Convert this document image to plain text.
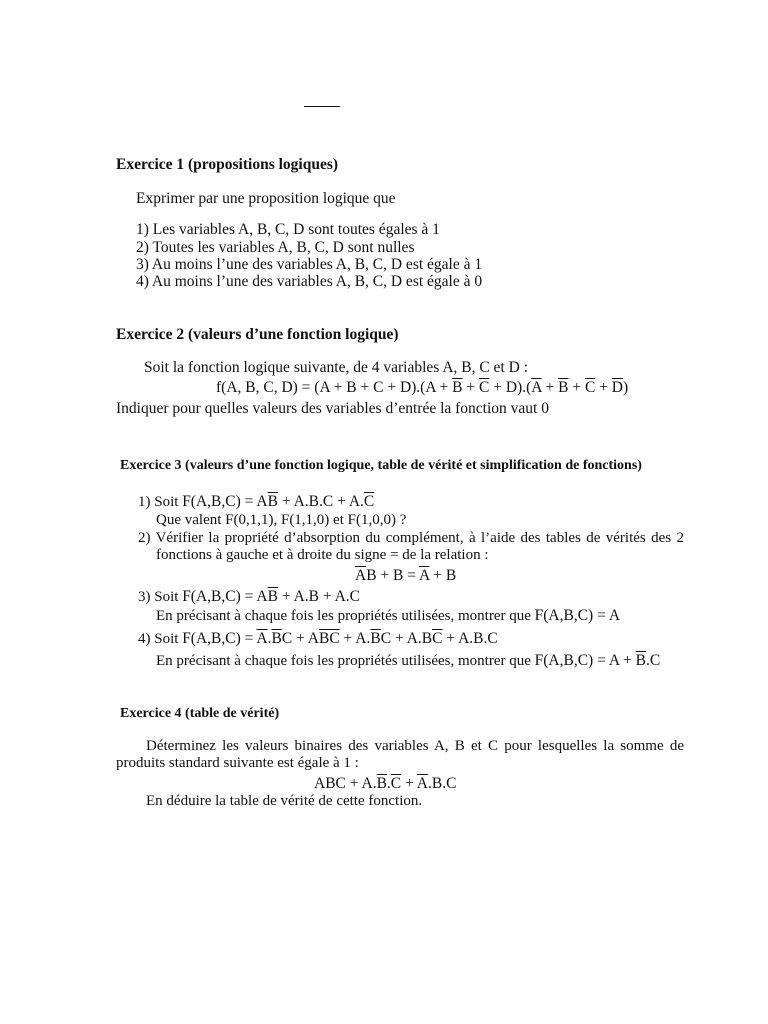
Exercice 1 (propositions logiques)
Exprimer par une proposition logique que
1) Les variables A, B, C, D sont toutes égales à 1
2) Toutes les variables A, B, C, D sont nulles
3) Au moins l’une des variables A, B, C, D est égale à 1
4) Au moins l’une des variables A, B, C, D est égale à 0
Exercice 2 (valeurs d’une fonction logique)
Soit la fonction logique suivante, de 4 variables A, B, C et D :
f(A, B, C, $D) = (A + B + C + D).(A + \overline{B} + \overline{C} + D).(\overline{A} + \overline{B} + \overline{C} + \overline{D})$
Indiquer pour quelles valeurs des variables d’entrée la fonction vaut 0
Exercice 3 (valeurs d’une fonction logique, table de vérité et simplification de fonctions)
1) Soit $F(A,B,C) = A\overline{B} + A.B.C + A.\overline{C}$
Que valent F(0,1,1), F(1,1,0) et F(1,0,0) ?
2) Vérifier la propriété d’absorption du complément, à l’aide des tables de vérités des 2
fonctions à gauche et à droite du signe = de la relation :
$\overline{A}B + B = \overline{A} + B$
3) Soit $F(A,B,C) = A\overline{B} + A.B + A.C$
En précisant à chaque fois les propriétés utilisées, montrer que F(A,B,C) = A
4) Soit $F(A,B,C) = \overline{A}.\overline{B}C + A\overline{BC} + A.\overline{B}C + A.B\overline{C} + A.B.C$
En précisant à chaque fois les propriétés utilisées, montrer que $F(A,B,C) = A + \overline{B}.C$
Exercice 4 (table de vérité)
Déterminez les valeurs binaires des variables A, B et C pour lesquelles la somme de
produits standard suivante est égale à 1 :
ABC + $A.\overline{B}.\overline{C} + \overline{A}.B.C$
En déduire la table de vérité de cette fonction.
